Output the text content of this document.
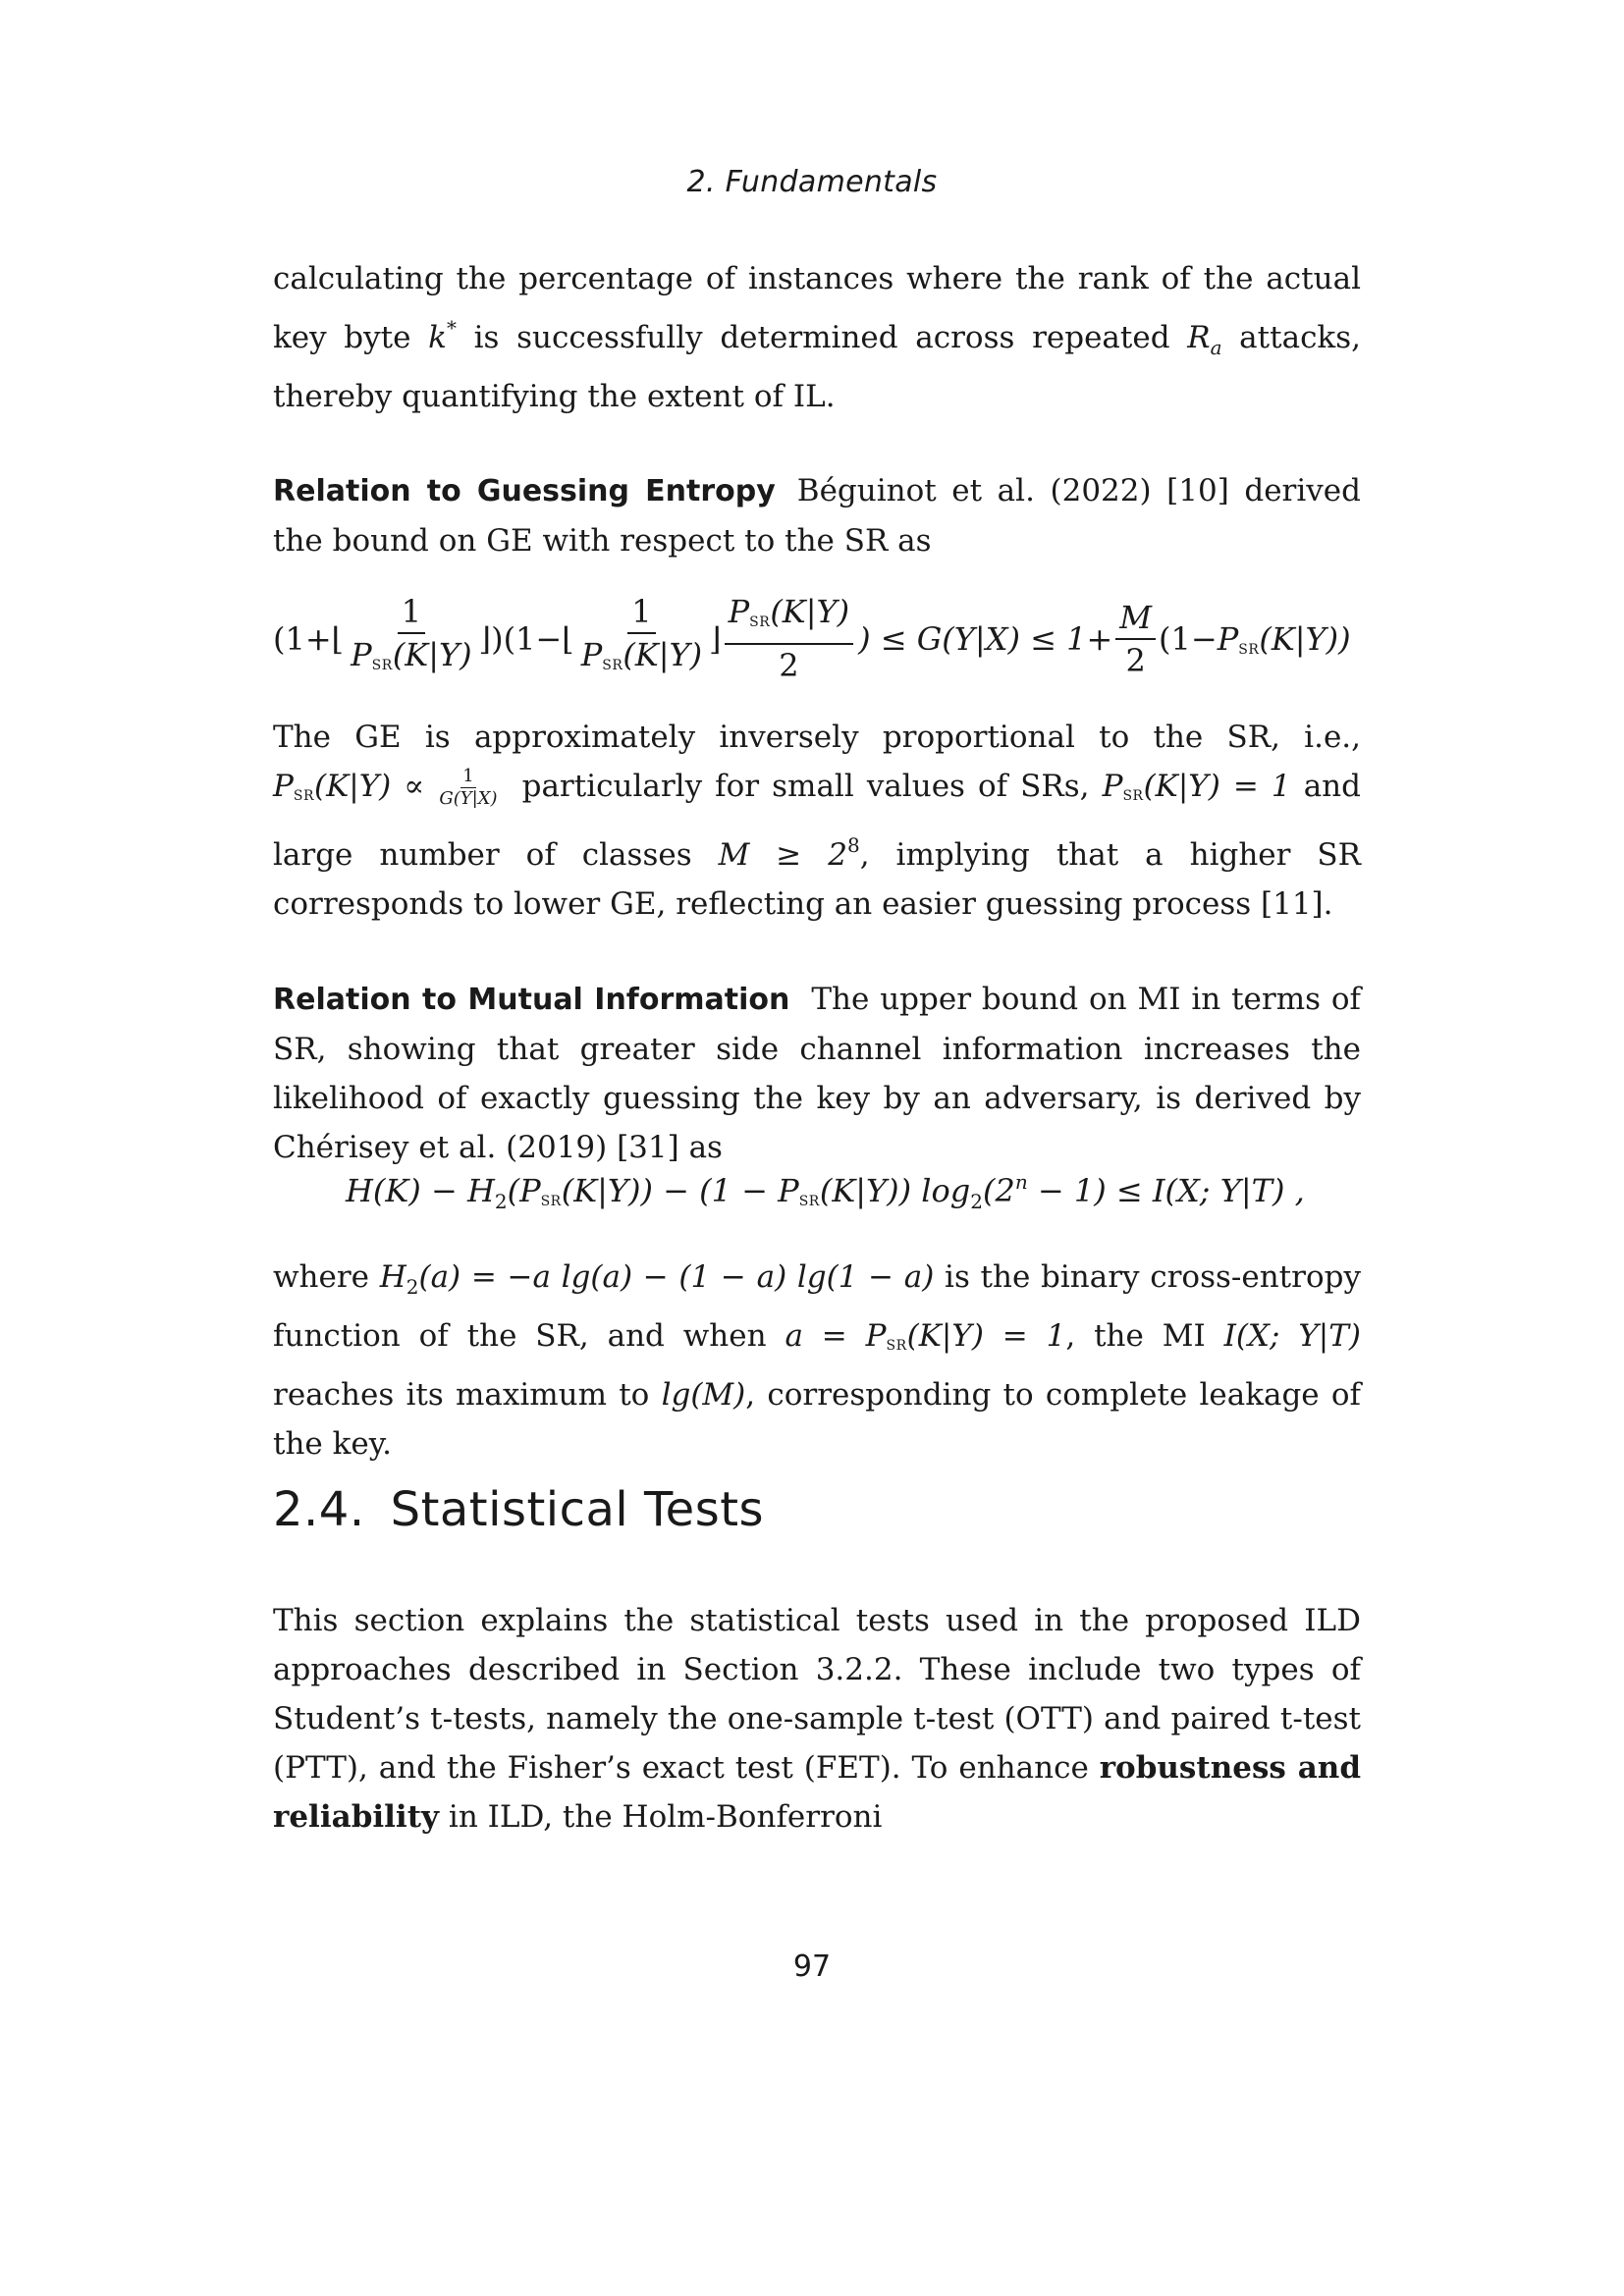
2. Fundamentals
calculating the percentage of instances where the rank of the actual key byte k* is successfully determined across repeated $R_a$ attacks, thereby quantifying the extent of IL.
Relation to Guessing Entropy Béguinot et al. (2022) [10] derived the bound on GE with respect to the SR as
(1+⌊ $\frac{1}{\text{PSR(K|Y)}}$ ⌋)(1−⌊ $\frac{1}{\text{PSR(K|Y)}}$ ⌋ $\frac{\text{PSR(K|Y)}}{2}$ ) ≤ $G(Y|X) \le 1+ \frac{M}{2} (1- PSR(K|Y))$
The GE is approximately inversely proportional to the SR, i.e., $PSR(K|Y) \propto \frac{1}{G(Y|X)}$ particularly for small values of SRs, PSR(K|Y) = 1 and large number of classes $M \ge 2^8$, implying that a higher SR corresponds to lower GE, reflecting an easier guessing process [11].
Relation to Mutual Information The upper bound on MI in terms of SR, showing that greater side channel information increases the likelihood of exactly guessing the key by an adversary, is derived by Chérisey et al. (2019) [31] as
$H(K) - H_2(PSR(K|Y)) - (1 - PSR(K|Y)) \log_2(2^n - 1) \le I(X$; Y|T) ,
where $H_2(a) = -a$ lg(a) − (1 − a) lg(1 − a) is the binary cross-entropy function of the SR, and when a = PSR(K|Y) = 1, the MI I(X; Y|T) reaches its maximum to lg(M), corresponding to complete leakage of the key.
2.4. Statistical Tests
This section explains the statistical tests used in the proposed ILD approaches described in Section 3.2.2. These include two types of Student’s t-tests, namely the one-sample t-test (OTT) and paired t-test (PTT), and the Fisher’s exact test (FET). To enhance robustness and reliability in ILD, the Holm-Bonferroni
97
